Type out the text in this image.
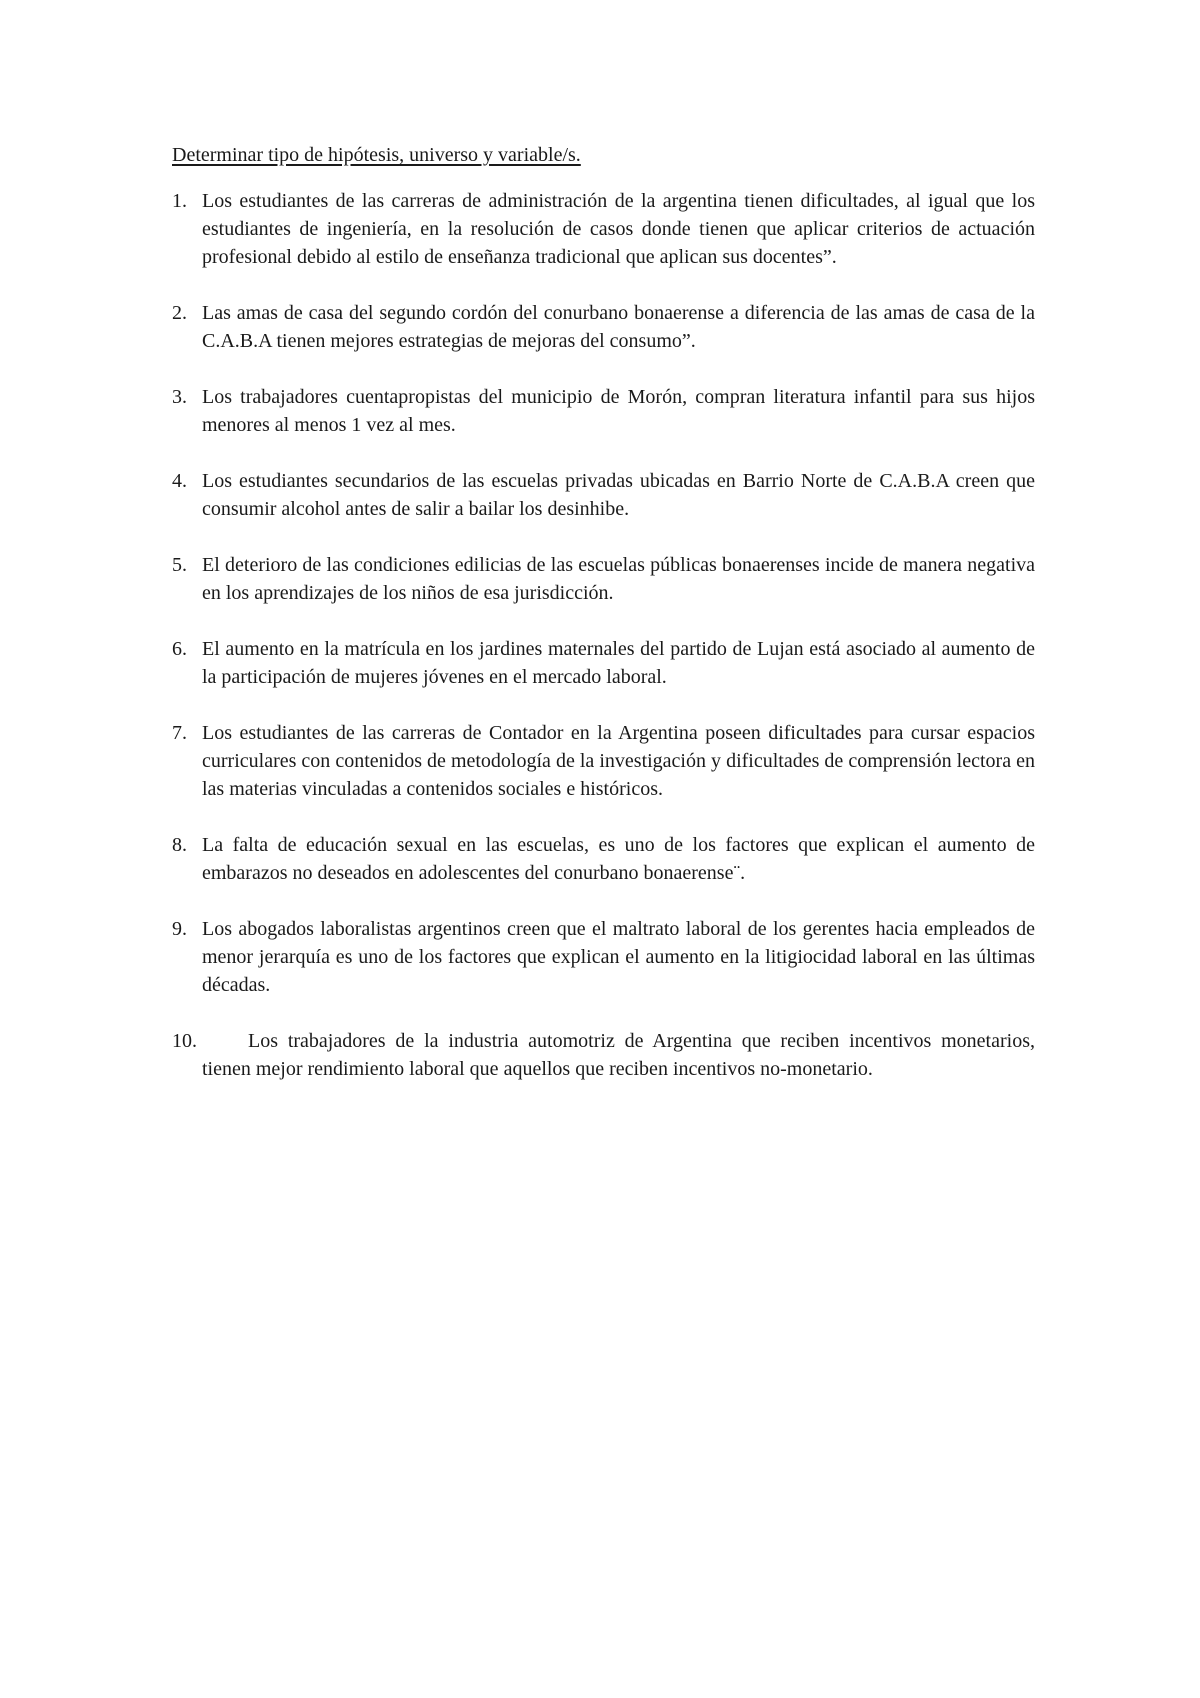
Determinar tipo de hipótesis, universo y variable/s.

1. Los estudiantes de las carreras de administración de la argentina tienen dificultades, al igual que los estudiantes de ingeniería, en la resolución de casos donde tienen que aplicar criterios de actuación profesional debido al estilo de enseñanza tradicional que aplican sus docentes”.
2. Las amas de casa del segundo cordón del conurbano bonaerense a diferencia de las amas de casa de la C.A.B.A tienen mejores estrategias de mejoras del consumo”.
3. Los trabajadores cuentapropistas del municipio de Morón, compran literatura infantil para sus hijos menores al menos 1 vez al mes.
4. Los estudiantes secundarios de las escuelas privadas ubicadas en Barrio Norte de C.A.B.A creen que consumir alcohol antes de salir a bailar los desinhibe.
5. El deterioro de las condiciones edilicias de las escuelas públicas bonaerenses incide de manera negativa en los aprendizajes de los niños de esa jurisdicción.
6. El aumento en la matrícula en los jardines maternales del partido de Lujan está asociado al aumento de la participación de mujeres jóvenes en el mercado laboral.
7. Los estudiantes de las carreras de Contador en la Argentina poseen dificultades para cursar espacios curriculares con contenidos de metodología de la investigación y dificultades de comprensión lectora en las materias vinculadas a contenidos sociales e históricos.
8. La falta de educación sexual en las escuelas, es uno de los factores que explican el aumento de embarazos no deseados en adolescentes del conurbano bonaerense¨.
9. Los abogados laboralistas argentinos creen que el maltrato laboral de los gerentes hacia empleados de menor jerarquía es uno de los factores que explican el aumento en la litigiocidad laboral en las últimas décadas.
10.	Los trabajadores de la industria automotriz de Argentina que reciben incentivos monetarios, tienen mejor rendimiento laboral que aquellos que reciben incentivos no-monetario.
